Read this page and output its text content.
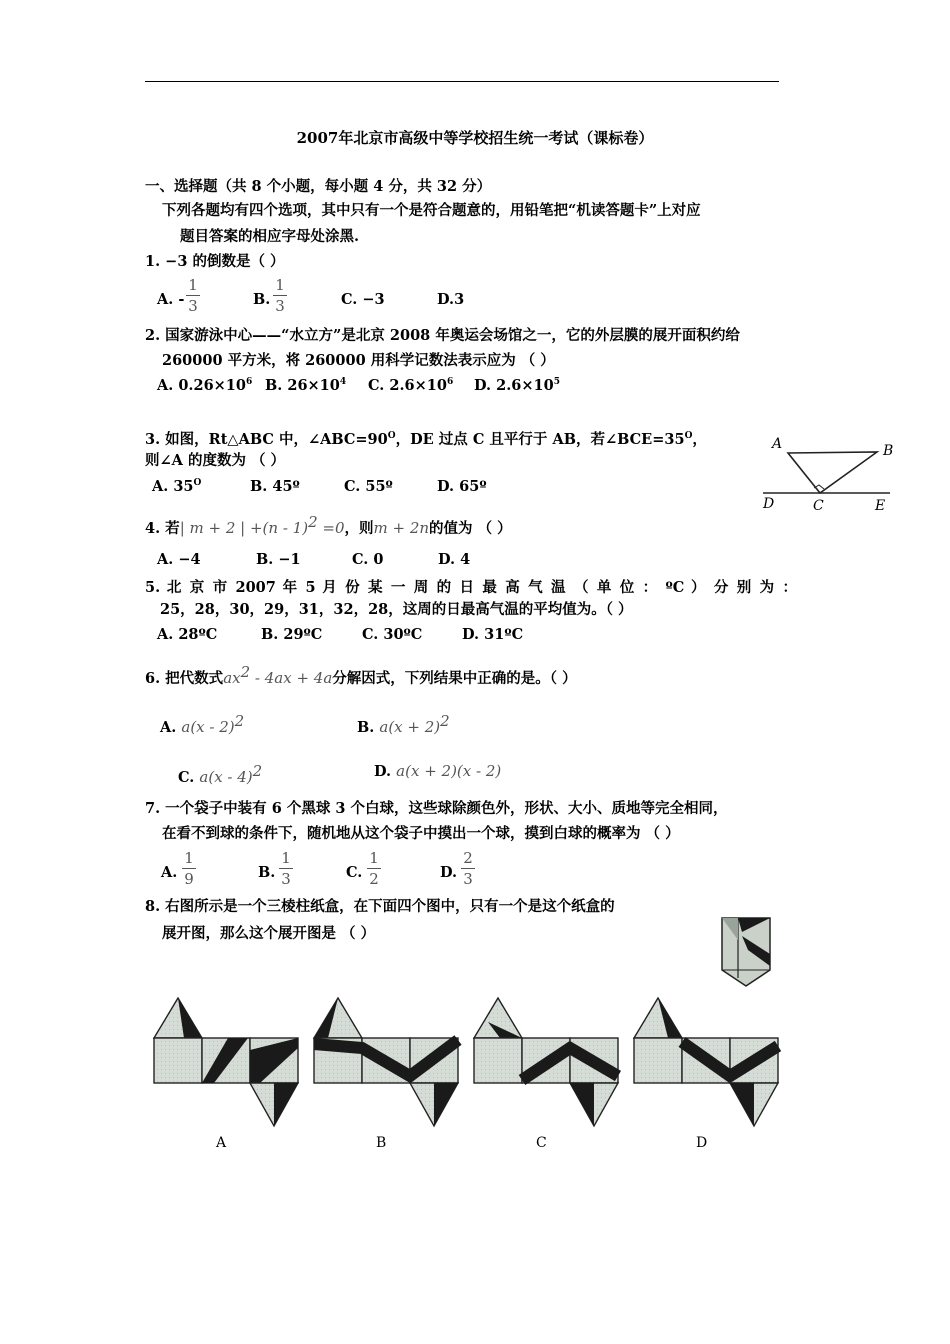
2007年北京市高级中等学校招生统一考试（课标卷）
一、选择题（共 8 个小题，每小题 4 分，共 32 分）
下列各题均有四个选项，其中只有一个是符合题意的，用铅笔把“机读答题卡”上对应
题目答案的相应字母处涂黑.
1. −3 的倒数是（ ）
A. -
1
3	B.
1
3	C. −3	D.3
2. 国家游泳中心——“水立方”是北京 2008 年奥运会场馆之一，它的外层膜的展开面积约给
260000 平方米，将 260000 用科学记数法表示应为 （ ）
A. $0.26\times 10^6$ B. $26\times 10^4$ C. $2.6\times 10^6$ D. $2.6\times 10^5$
3. 如图，Rt△ABC 中，$\angle ABC=90^O$，DE 过点 C 且平行于 AB，若$\angle BCE=35^O$，
则∠A 的度数为 （ ）
A. $35^O$	B. 45º	C. 55º	D. 65º
A	B
C
D	E
4. 若| m + 2 | +(n - 1)$^2$ =0，则m + 2n的值为 （ ）
A. −4	B. −1	C. 0	D. 4
5. 北 京 市 2007 年 5 月 份 某 一 周 的 日 最 高 气 温 （ 单 位 ： ºC ） 分 别 为 ：
25，28，30，29，31，32，28，这周的日最高气温的平均值为。（ ）
A. 28ºC	B. 29ºC	C. 30ºC	D. 31ºC
6. 把代数式$ax^2 - 4ax + 4a$分解因式，下列结果中正确的是。（ ）
A. a(x - 2)$^2$	B. $a(x + 2)^2$
C. a(x - 4)$^2$	D. a(x + 2)(x - 2)
7. 一个袋子中装有 6 个黑球 3 个白球，这些球除颜色外，形状、大小、质地等完全相同，
在看不到球的条件下，随机地从这个袋子中摸出一个球，摸到白球的概率为 （ ）
A.
1
9	B.
1
3	C.
1
2	D.
2
3
8. 右图所示是一个三棱柱纸盒，在下面四个图中，只有一个是这个纸盒的
展开图，那么这个展开图是 （ ）
A	B	C	D
